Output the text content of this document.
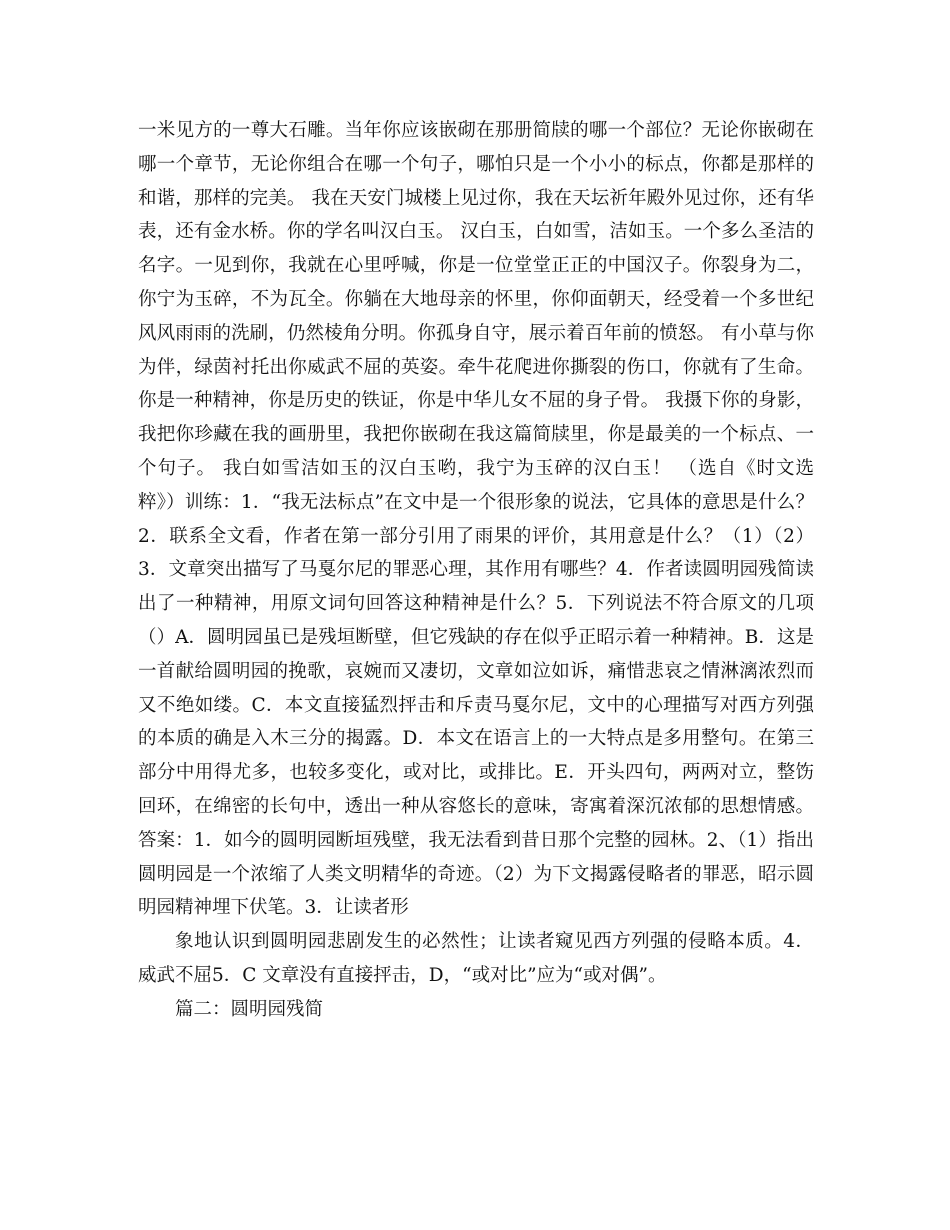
一米见方的一尊大石雕。当年你应该嵌砌在那册简牍的哪一个部位？无论你嵌砌在哪一个章节，无论你组合在哪一个句子，哪怕只是一个小小的标点，你都是那样的和谐，那样的完美。 我在天安门城楼上见过你，我在天坛祈年殿外见过你，还有华表，还有金水桥。你的学名叫汉白玉。 汉白玉，白如雪，洁如玉。一个多么圣洁的名字。一见到你，我就在心里呼喊，你是一位堂堂正正的中国汉子。你裂身为二，你宁为玉碎，不为瓦全。你躺在大地母亲的怀里，你仰面朝天，经受着一个多世纪风风雨雨的洗刷，仍然棱角分明。你孤身自守，展示着百年前的愤怒。 有小草与你为伴，绿茵衬托出你威武不屈的英姿。牵牛花爬进你撕裂的伤口，你就有了生命。你是一种精神，你是历史的铁证，你是中华儿女不屈的身子骨。 我摄下你的身影，我把你珍藏在我的画册里，我把你嵌砌在我这篇简牍里，你是最美的一个标点、一个句子。 我白如雪洁如玉的汉白玉哟，我宁为玉碎的汉白玉！ （选自《时文选粹》）训练：1．“我无法标点”在文中是一个很形象的说法，它具体的意思是什么？2．联系全文看，作者在第一部分引用了雨果的评价，其用意是什么？（1）（2）3．文章突出描写了马戛尔尼的罪恶心理，其作用有哪些？4．作者读圆明园残简读出了一种精神，用原文词句回答这种精神是什么？5．下列说法不符合原文的几项（）A．圆明园虽已是残垣断壁，但它残缺的存在似乎正昭示着一种精神。B．这是一首献给圆明园的挽歌，哀婉而又凄切，文章如泣如诉，痛惜悲哀之情淋漓浓烈而又不绝如缕。C．本文直接猛烈抨击和斥责马戛尔尼，文中的心理描写对西方列强的本质的确是入木三分的揭露。D．本文在语言上的一大特点是多用整句。在第三部分中用得尤多，也较多变化，或对比，或排比。E．开头四句，两两对立，整饬回环，在绵密的长句中，透出一种从容悠长的意味，寄寓着深沉浓郁的思想情感。答案：1．如今的圆明园断垣残壁，我无法看到昔日那个完整的园林。2、（1）指出圆明园是一个浓缩了人类文明精华的奇迹。（2）为下文揭露侵略者的罪恶，昭示圆明园精神埋下伏笔。3．让读者形

象地认识到圆明园悲剧发生的必然性；让读者窥见西方列强的侵略本质。4．威武不屈5．C 文章没有直接抨击，D，“或对比”应为“或对偶”。

篇二：圆明园残简
